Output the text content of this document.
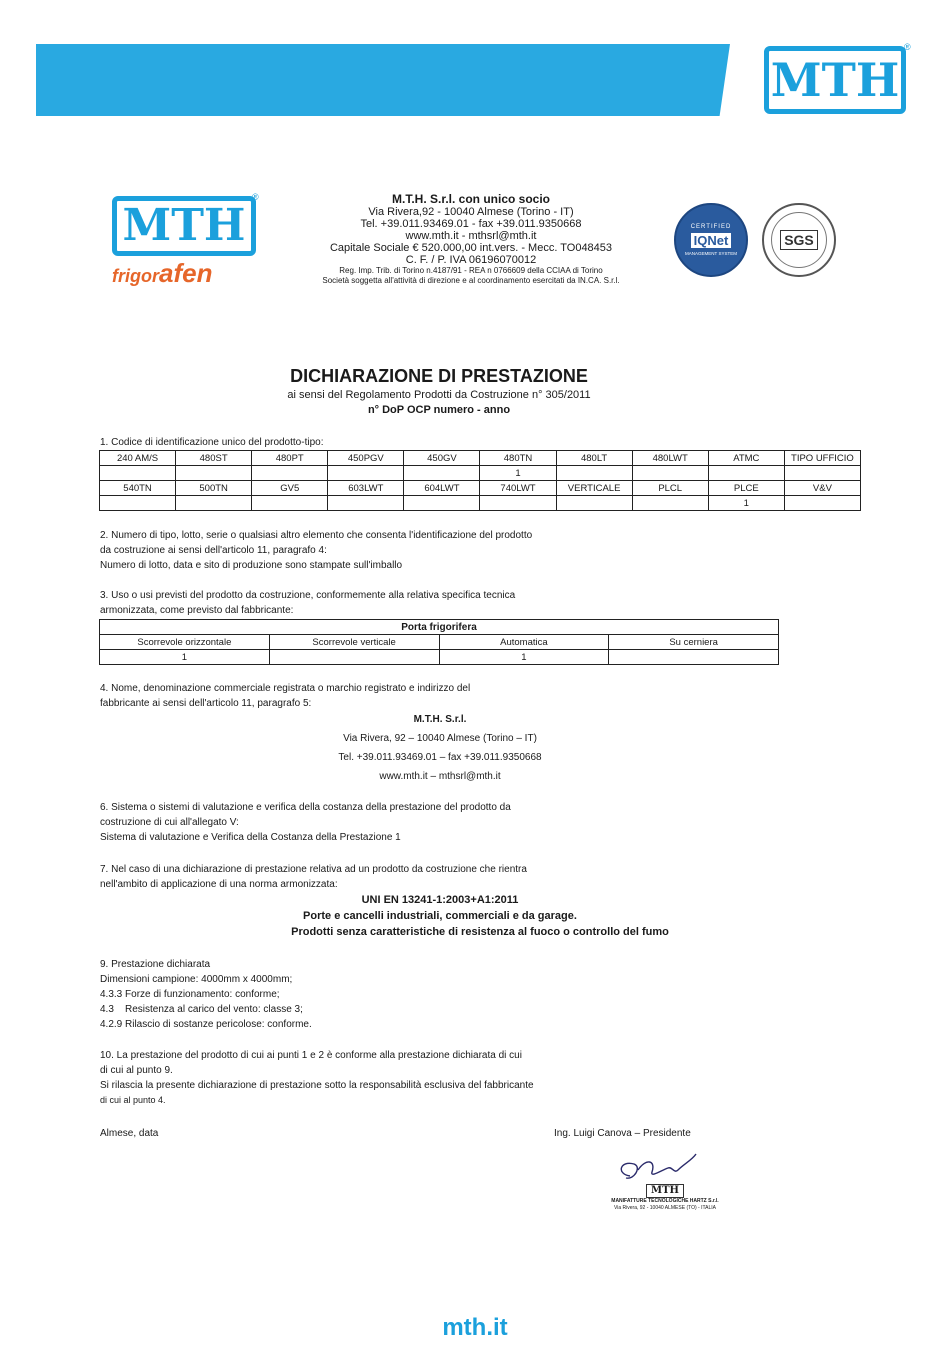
MTH
®
MTH
®
frigorafen
M.T.H. S.r.l. con unico socio
Via Rivera,92 - 10040 Almese (Torino - IT)
Tel. +39.011.93469.01 - fax +39.011.9350668
www.mth.it - mthsrl@mth.it
Capitale Sociale € 520.000,00 int.vers. - Mecc. TO048453
C. F. / P. IVA 06196070012
Reg. Imp. Trib. di Torino n.4187/91 - REA n 0766609 della CCIAA di Torino
Società soggetta all'attività di direzione e al coordinamento esercitati da IN.CA. S.r.l.
CERTIFIED
IQNet
MANAGEMENT SYSTEM
SGS
DICHIARAZIONE DI PRESTAZIONE
ai sensi del Regolamento Prodotti da Costruzione n° 305/2011
n° DoP OCP numero - anno
1. Codice di identificazione unico del prodotto-tipo:
240 AM/S	480ST	480PT	450PGV	450GV	480TN	480LT	480LWT	ATMC	TIPO UFFICIO
					1				
540TN	500TN	GV5	603LWT	604LWT	740LWT	VERTICALE	PLCL	PLCE	V&V
								1	
2. Numero di tipo, lotto, serie o qualsiasi altro elemento che consenta l'identificazione del prodotto
da costruzione ai sensi dell'articolo 11, paragrafo 4:
Numero di lotto, data e sito di produzione sono stampate sull'imballo
3. Uso o usi previsti del prodotto da costruzione, conformemente alla relativa specifica tecnica
armonizzata, come previsto dal fabbricante:
Porta frigorifera			
Scorrevole orizzontale	Scorrevole verticale	Automatica	Su cerniera
1		1	
4. Nome, denominazione commerciale registrata o marchio registrato e indirizzo del
fabbricante ai sensi dell'articolo 11, paragrafo 5:
M.T.H. S.r.l.
Via Rivera, 92 – 10040 Almese (Torino – IT)
Tel. +39.011.93469.01 – fax +39.011.9350668
www.mth.it – mthsrl@mth.it
6. Sistema o sistemi di valutazione e verifica della costanza della prestazione del prodotto da
costruzione di cui all'allegato V:
Sistema di valutazione e Verifica della Costanza della Prestazione 1
7. Nel caso di una dichiarazione di prestazione relativa ad un prodotto da costruzione che rientra
nell'ambito di applicazione di una norma armonizzata:
UNI EN 13241-1:2003+A1:2011
Porte e cancelli industriali, commerciali e da garage.
Prodotti senza caratteristiche di resistenza al fuoco o controllo del fumo
9. Prestazione dichiarata
Dimensioni campione: 4000mm x 4000mm;
4.3.3 Forze di funzionamento: conforme;
4.3    Resistenza al carico del vento: classe 3;
4.2.9 Rilascio di sostanze pericolose: conforme.
10. La prestazione del prodotto di cui ai punti 1 e 2 è conforme alla prestazione dichiarata di cui
di cui al punto 9.
Si rilascia la presente dichiarazione di prestazione sotto la responsabilità esclusiva del fabbricante
di cui al punto 4.
Almese, data	Ing. Luigi Canova – Presidente
MTH
MANIFATTURE TECNOLOGICHE HARTZ S.r.l.
Via Rivera, 92 - 10040 ALMESE (TO) - ITALIA
mth.it
